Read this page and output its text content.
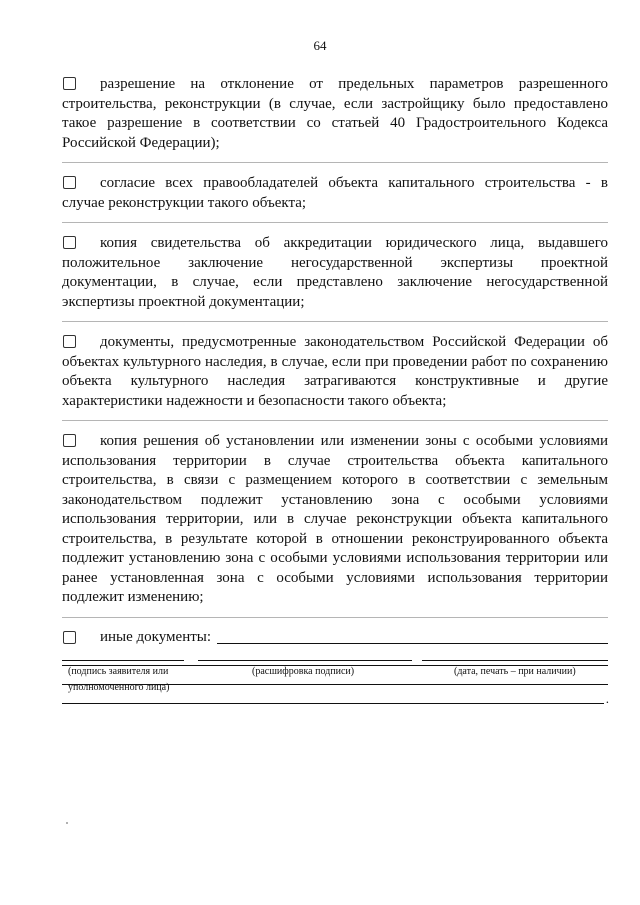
64

разрешение на отклонение от предельных параметров разрешенного строительства, реконструкции (в случае, если застройщику было предоставлено такое разрешение в соответствии со статьей 40 Градостроительного Кодекса Российской Федерации);

согласие всех правообладателей объекта капитального строительства - в случае реконструкции такого объекта;

копия свидетельства об аккредитации юридического лица, выдавшего положительное заключение негосударственной экспертизы проектной документации, в случае, если представлено заключение негосударственной экспертизы проектной документации;

документы, предусмотренные законодательством Российской Федерации об объектах культурного наследия, в случае, если при проведении работ по сохранению объекта культурного наследия затрагиваются конструктивные и другие характеристики надежности и безопасности такого объекта;

копия решения об установлении или изменении зоны с особыми условиями использования территории в случае строительства объекта капитального строительства, в связи с размещением которого в соответствии с земельным законодательством подлежит установлению зона с особыми условиями использования территории, или в случае реконструкции объекта капитального строительства, в результате которой в отношении реконструированного объекта подлежит установлению зона с особыми условиями использования территории или ранее установленная зона с особыми условиями использования территории подлежит изменению;

иные документы:
.
(подпись заявителя или уполномоченного лица)
(расшифровка подписи)	(дата, печать – при наличии)
